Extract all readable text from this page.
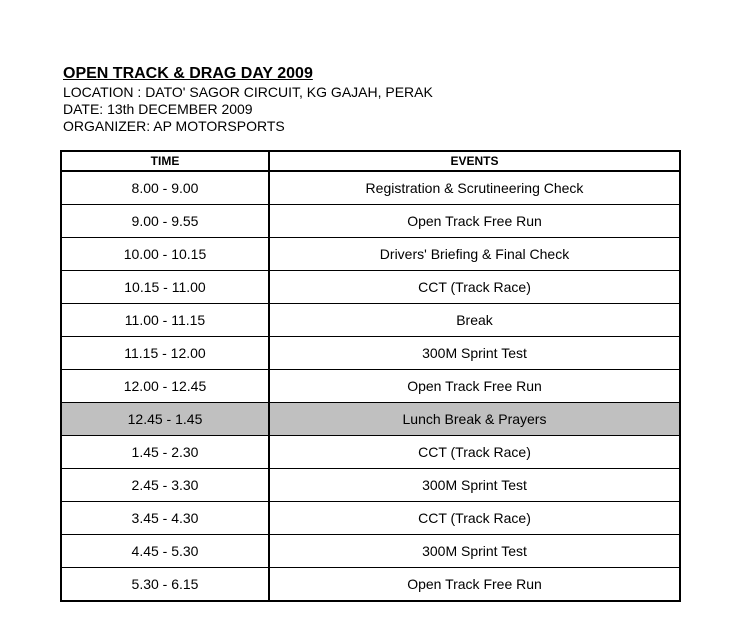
OPEN TRACK & DRAG DAY 2009

LOCATION : DATO' SAGOR CIRCUIT, KG GAJAH, PERAK

DATE: 13th DECEMBER 2009

ORGANIZER: AP MOTORSPORTS

TIME	EVENTS
8.00 - 9.00	Registration & Scrutineering Check
9.00 - 9.55	Open Track Free Run
10.00 - 10.15	Drivers' Briefing & Final Check
10.15 - 11.00	CCT (Track Race)
11.00 - 11.15	Break
11.15 - 12.00	300M Sprint Test
12.00 - 12.45	Open Track Free Run
12.45 - 1.45	Lunch Break & Prayers
1.45 - 2.30	CCT (Track Race)
2.45 - 3.30	300M Sprint Test
3.45 - 4.30	CCT (Track Race)
4.45 - 5.30	300M Sprint Test
5.30 - 6.15	Open Track Free Run
